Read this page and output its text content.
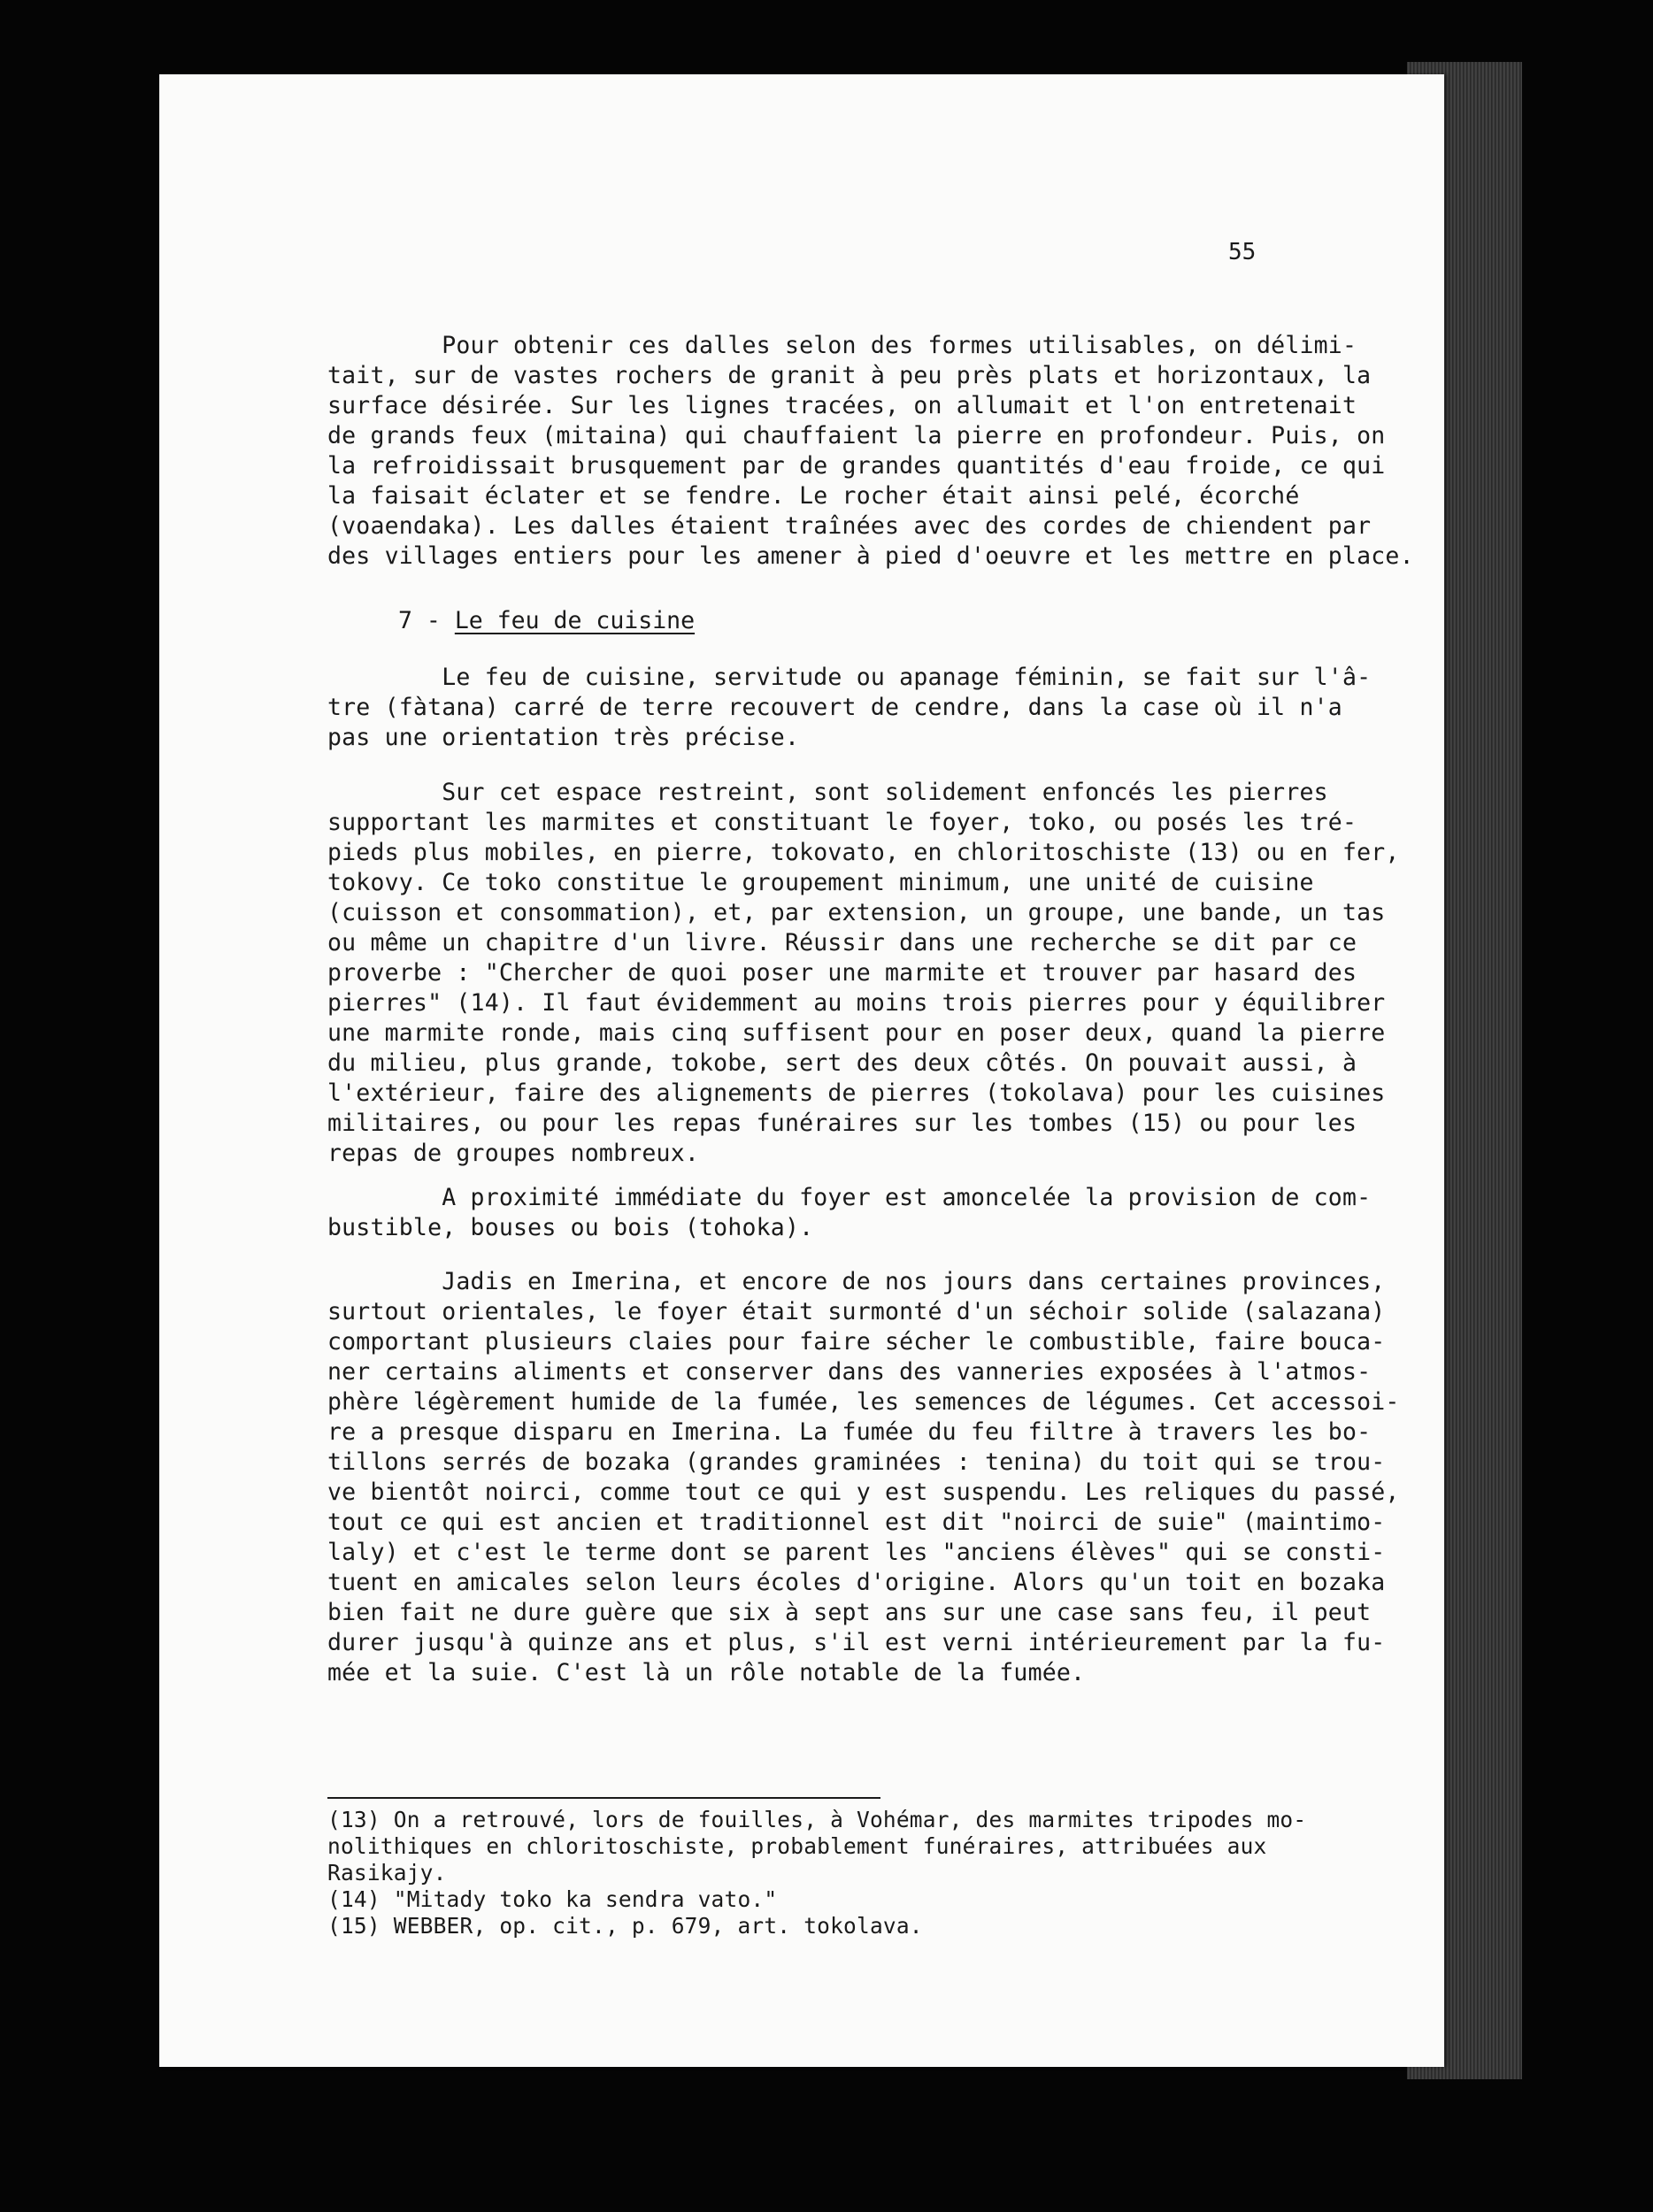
55
Pour obtenir ces dalles selon des formes utilisables, on délimi-
tait, sur de vastes rochers de granit à peu près plats et horizontaux, la
surface désirée. Sur les lignes tracées, on allumait et l'on entretenait
de grands feux (mitaina) qui chauffaient la pierre en profondeur. Puis, on
la refroidissait brusquement par de grandes quantités d'eau froide, ce qui
la faisait éclater et se fendre. Le rocher était ainsi pelé, écorché
(voaendaka). Les dalles étaient traînées avec des cordes de chiendent par
des villages entiers pour les amener à pied d'oeuvre et les mettre en place.
7 - Le feu de cuisine
Le feu de cuisine, servitude ou apanage féminin, se fait sur l'â-
tre (fàtana) carré de terre recouvert de cendre, dans la case où il n'a
pas une orientation très précise.
Sur cet espace restreint, sont solidement enfoncés les pierres
supportant les marmites et constituant le foyer, toko, ou posés les tré-
pieds plus mobiles, en pierre, tokovato, en chloritoschiste (13) ou en fer,
tokovy. Ce toko constitue le groupement minimum, une unité de cuisine
(cuisson et consommation), et, par extension, un groupe, une bande, un tas
ou même un chapitre d'un livre. Réussir dans une recherche se dit par ce
proverbe : "Chercher de quoi poser une marmite et trouver par hasard des
pierres" (14). Il faut évidemment au moins trois pierres pour y équilibrer
une marmite ronde, mais cinq suffisent pour en poser deux, quand la pierre
du milieu, plus grande, tokobe, sert des deux côtés. On pouvait aussi, à
l'extérieur, faire des alignements de pierres (tokolava) pour les cuisines
militaires, ou pour les repas funéraires sur les tombes (15) ou pour les
repas de groupes nombreux.
A proximité immédiate du foyer est amoncelée la provision de com-
bustible, bouses ou bois (tohoka).
Jadis en Imerina, et encore de nos jours dans certaines provinces,
surtout orientales, le foyer était surmonté d'un séchoir solide (salazana)
comportant plusieurs claies pour faire sécher le combustible, faire bouca-
ner certains aliments et conserver dans des vanneries exposées à l'atmos-
phère légèrement humide de la fumée, les semences de légumes. Cet accessoi-
re a presque disparu en Imerina. La fumée du feu filtre à travers les bo-
tillons serrés de bozaka (grandes graminées : tenina) du toit qui se trou-
ve bientôt noirci, comme tout ce qui y est suspendu. Les reliques du passé,
tout ce qui est ancien et traditionnel est dit "noirci de suie" (maintimo-
laly) et c'est le terme dont se parent les "anciens élèves" qui se consti-
tuent en amicales selon leurs écoles d'origine. Alors qu'un toit en bozaka
bien fait ne dure guère que six à sept ans sur une case sans feu, il peut
durer jusqu'à quinze ans et plus, s'il est verni intérieurement par la fu-
mée et la suie. C'est là un rôle notable de la fumée.
(13) On a retrouvé, lors de fouilles, à Vohémar, des marmites tripodes mo-
nolithiques en chloritoschiste, probablement funéraires, attribuées aux
Rasikajy.
(14) "Mitady toko ka sendra vato."
(15) WEBBER, op. cit., p. 679, art. tokolava.
